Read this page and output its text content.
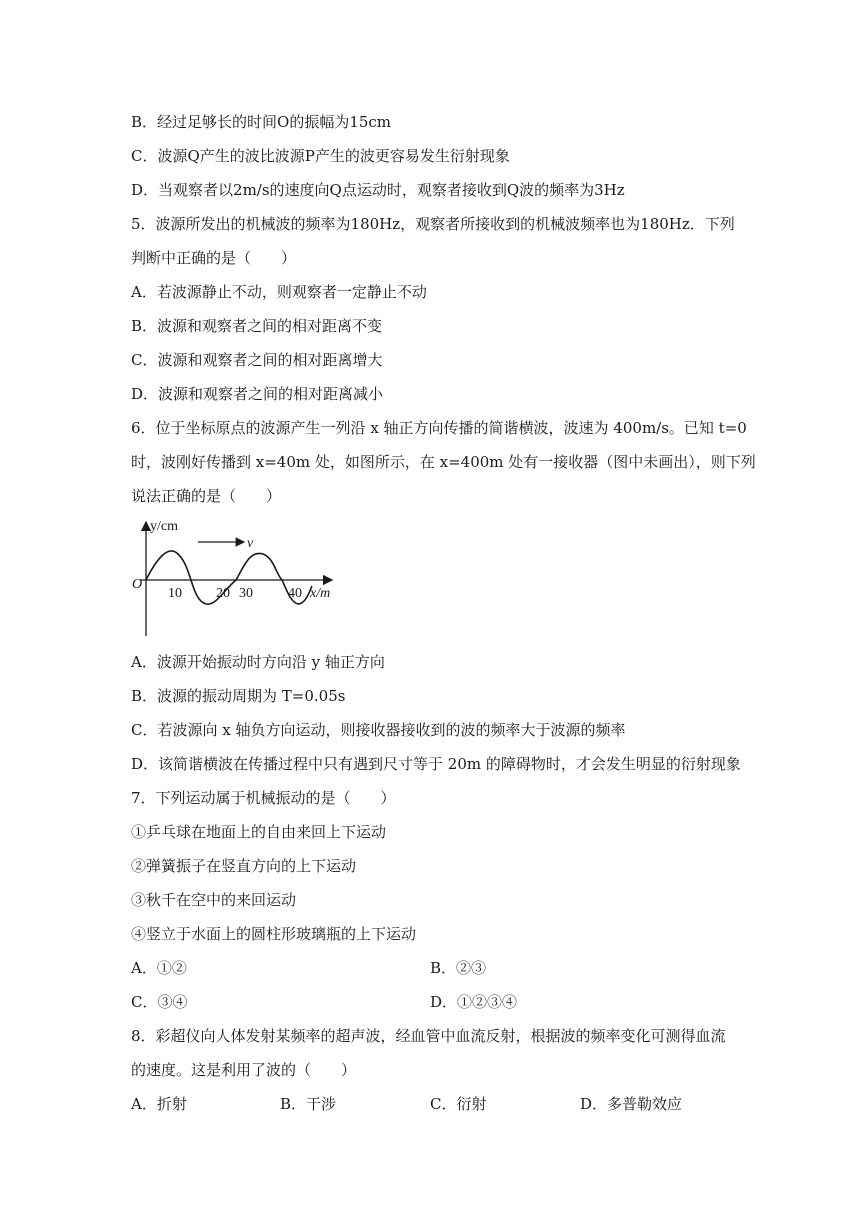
B．经过足够长的时间O的振幅为15cm
C．波源Q产生的波比波源P产生的波更容易发生衍射现象
D．当观察者以2m/s的速度向Q点运动时，观察者接收到Q波的频率为3Hz
5．波源所发出的机械波的频率为180Hz，观察者所接收到的机械波频率也为180Hz．下列
判断中正确的是（　　）
A．若波源静止不动，则观察者一定静止不动
B．波源和观察者之间的相对距离不变
C．波源和观察者之间的相对距离增大
D．波源和观察者之间的相对距离减小
6．位于坐标原点的波源产生一列沿 x 轴正方向传播的简谐横波，波速为 400m/s。已知 t=0
时，波刚好传播到 x=40m 处，如图所示，在 x=400m 处有一接收器（图中未画出），则下列
说法正确的是（　　）
v
y/cm
O
10 20 30	40 x/m
A．波源开始振动时方向沿 y 轴正方向
B．波源的振动周期为 T=0.05s
C．若波源向 x 轴负方向运动，则接收器接收到的波的频率大于波源的频率
D．该简谐横波在传播过程中只有遇到尺寸等于 20m 的障碍物时，才会发生明显的衍射现象
7．下列运动属于机械振动的是（　　）
①乒乓球在地面上的自由来回上下运动
②弹簧振子在竖直方向的上下运动
③秋千在空中的来回运动
④竖立于水面上的圆柱形玻璃瓶的上下运动
A．①②	B．②③
C．③④	D．①②③④
8．彩超仪向人体发射某频率的超声波，经血管中血流反射，根据波的频率变化可测得血流
的速度。这是利用了波的（　　）
A．折射	B．干涉	C．衍射	D．多普勒效应
